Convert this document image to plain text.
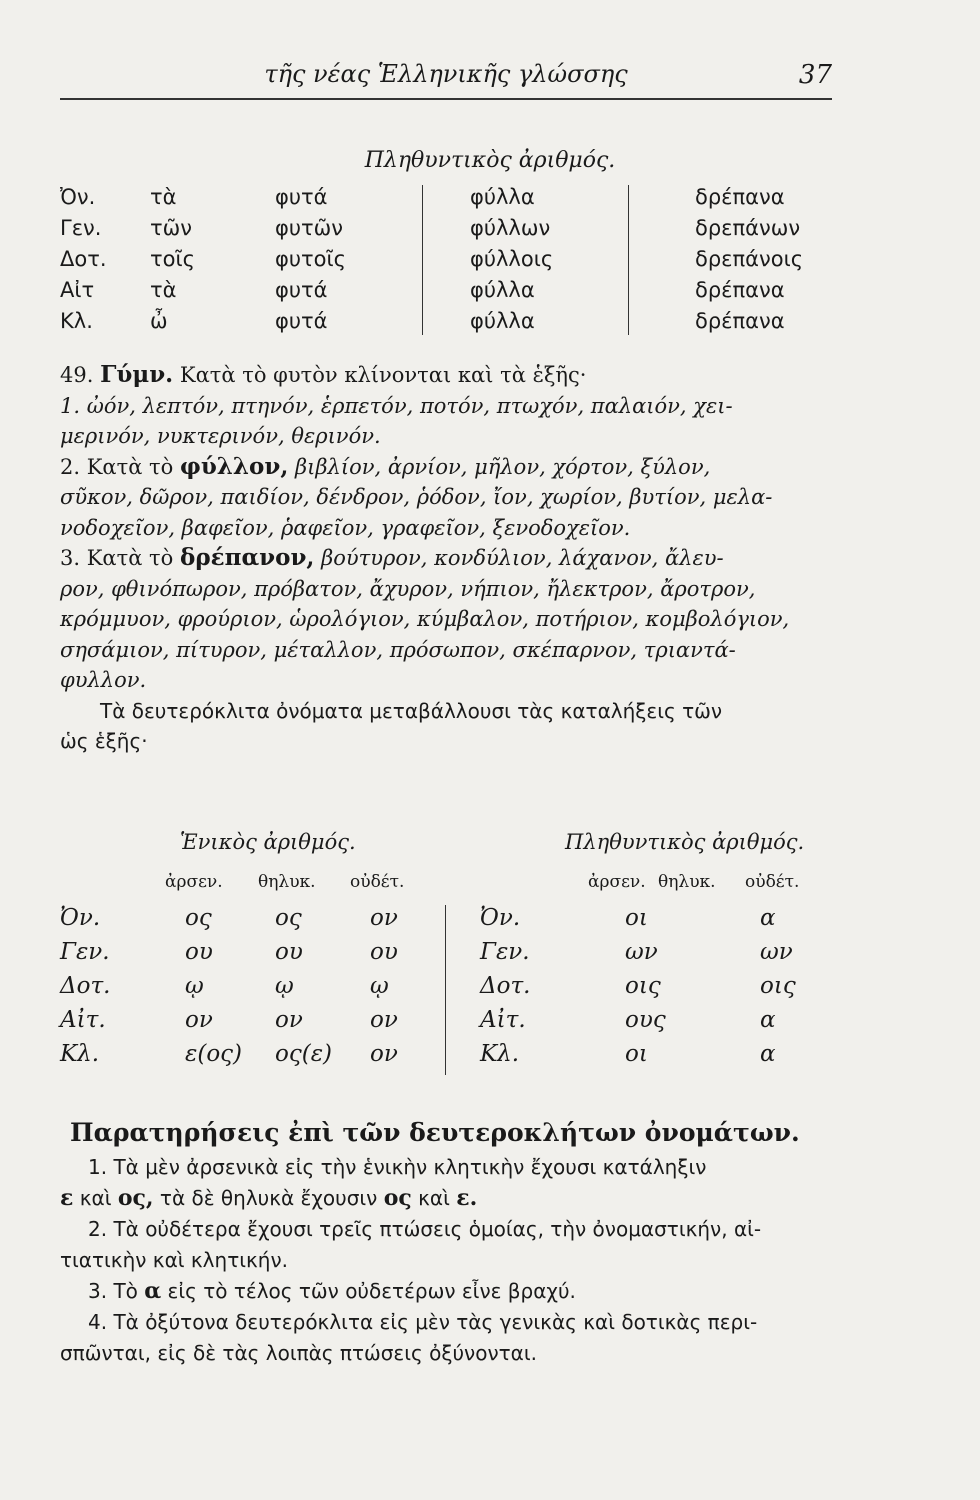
τῆς νέας Ἑλληνικῆς γλώσσης	37
Πληθυντικὸς ἀριθμός.
Ὀν.	τὰ	φυτά	φύλλα	δρέπανα
Γεν. τῶν	φυτῶν	φύλλων	δρεπάνων
Δοτ. τοῖς	φυτοῖς	φύλλοις	δρεπάνοις
Αἰτ	τὰ	φυτά	φύλλα	δρέπανα
Κλ.	ὦ	φυτά	φύλλα	δρέπανα
49. Γύμν. Κατὰ τὸ φυτὸν κλίνονται καὶ τὰ ἑξῆς·
1. ὠόν, λεπτόν, πτηνόν, ἑρπετόν, ποτόν, πτωχόν, παλαιόν, χει-
μερινόν, νυκτερινόν, θερινόν.
2. Κατὰ τὸ φύλλον, βιβλίον, ἀρνίον, μῆλον, χόρτον, ξύλον,
σῦκον, δῶρον, παιδίον, δένδρον, ῥόδον, ἴον, χωρίον, βυτίον, μελα-
νοδοχεῖον, βαφεῖον, ῥαφεῖον, γραφεῖον, ξενοδοχεῖον.
3. Κατὰ τὸ δρέπανον, βούτυρον, κονδύλιον, λάχανον, ἄλευ-
ρον, φθινόπωρον, πρόβατον, ἄχυρον, νήπιον, ἤλεκτρον, ἄροτρον,
κρόμμυον, φρούριον, ὡρολόγιον, κύμβαλον, ποτήριον, κομβολόγιον,
σησάμιον, πίτυρον, μέταλλον, πρόσωπον, σκέπαρνον, τριαντά-
φυλλον.
Τὰ δευτερόκλιτα ὀνόματα μεταβάλλουσι τὰς καταλήξεις τῶν
ὡς ἑξῆς·
Ἑνικὸς ἀριθμός.	Πληθυντικὸς ἀριθμός.
ἀρσεν. θηλυκ. οὐδέτ.	ἀρσεν. θηλυκ. οὐδέτ.
Ὀν.	ος	ος	ον	Ὀν.	οι	α
Γεν.	ου	ου	ου	Γεν.	ων	ων
Δοτ.	ῳ	ῳ	ῳ	Δοτ.	οις	οις
Αἰτ.	ον	ον	ον	Αἰτ.	ους	α
Κλ.	ε(ος) ος(ε) ον	Κλ.	οι	α
Παρατηρήσεις ἐπὶ τῶν δευτεροκλήτων ὀνομάτων.
1. Τὰ μὲν ἀρσενικὰ εἰς τὴν ἑνικὴν κλητικὴν ἔχουσι κατάληξιν
ε καὶ ος, τὰ δὲ θηλυκὰ ἔχουσιν ος καὶ ε.
2. Τὰ οὐδέτερα ἔχουσι τρεῖς πτώσεις ὁμοίας, τὴν ὀνομαστικήν, αἰ-
τιατικὴν καὶ κλητικήν.
3. Τὸ α εἰς τὸ τέλος τῶν οὐδετέρων εἶνε βραχύ.
4. Τὰ ὀξύτονα δευτερόκλιτα εἰς μὲν τὰς γενικὰς καὶ δοτικὰς περι-
σπῶνται, εἰς δὲ τὰς λοιπὰς πτώσεις ὀξύνονται.
